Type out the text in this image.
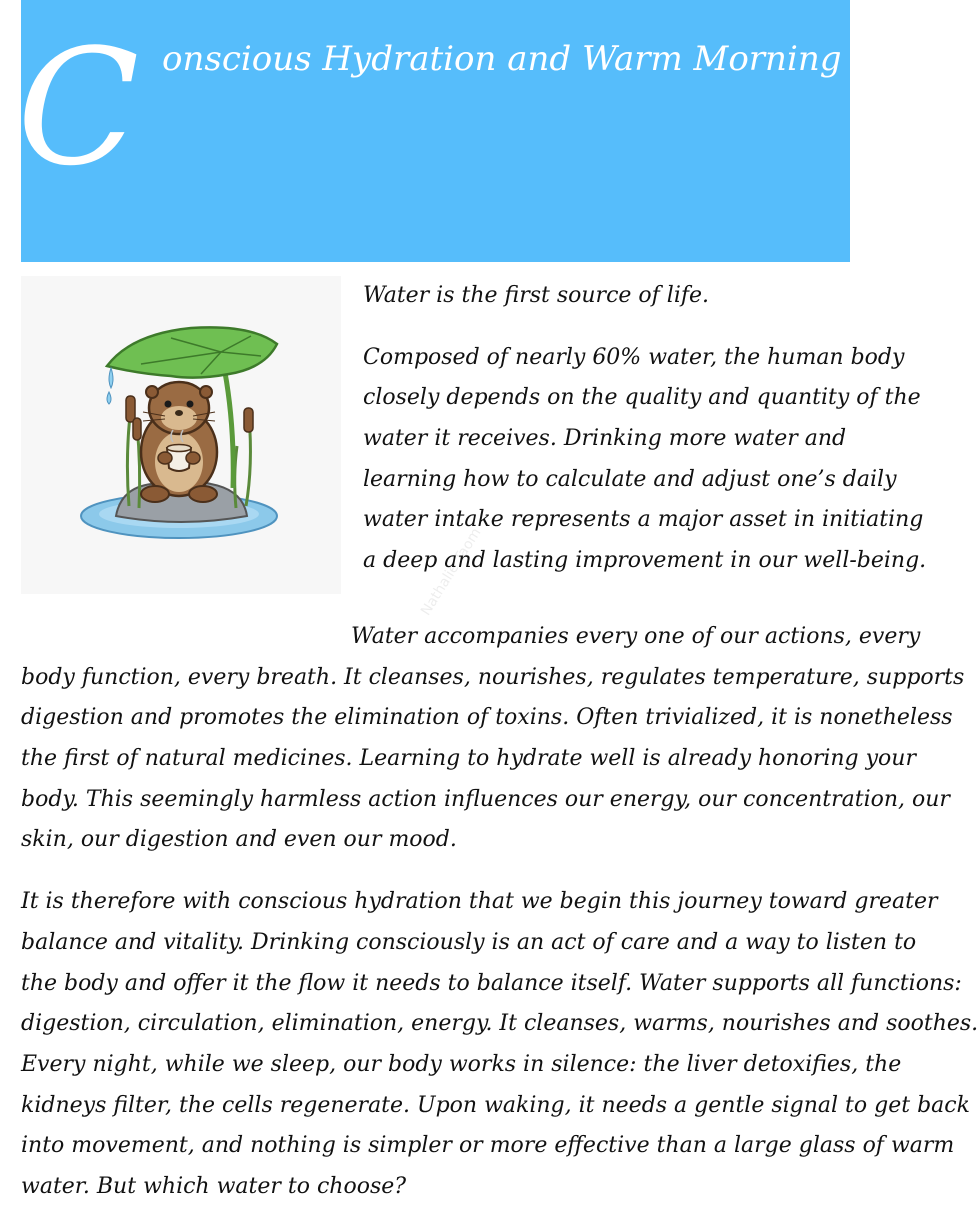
C onscious Hydration and Warm Morning Water

Water is the first source of life.

Composed of nearly 60% water, the human body
closely depends on the quality and quantity of the
water it receives. Drinking more water and
learning how to calculate and adjust one’s daily
water intake represents a major asset in initiating
a deep and lasting improvement in our well-being.

Water accompanies every one of our actions, every
body function, every breath. It cleanses, nourishes, regulates temperature, supports
digestion and promotes the elimination of toxins. Often trivialized, it is nonetheless
the first of natural medicines. Learning to hydrate well is already honoring your
body. This seemingly harmless action influences our energy, our concentration, our
skin, our digestion and even our mood.

It is therefore with conscious hydration that we begin this journey toward greater
balance and vitality. Drinking consciously is an act of care and a way to listen to
the body and offer it the flow it needs to balance itself. Water supports all functions:
digestion, circulation, elimination, energy. It cleanses, warms, nourishes and soothes.
Every night, while we sleep, our body works in silence: the liver detoxifies, the
kidneys filter, the cells regenerate. Upon waking, it needs a gentle signal to get back
into movement, and nothing is simpler or more effective than a large glass of warm
water. But which water to choose?

Nathalie Taom
